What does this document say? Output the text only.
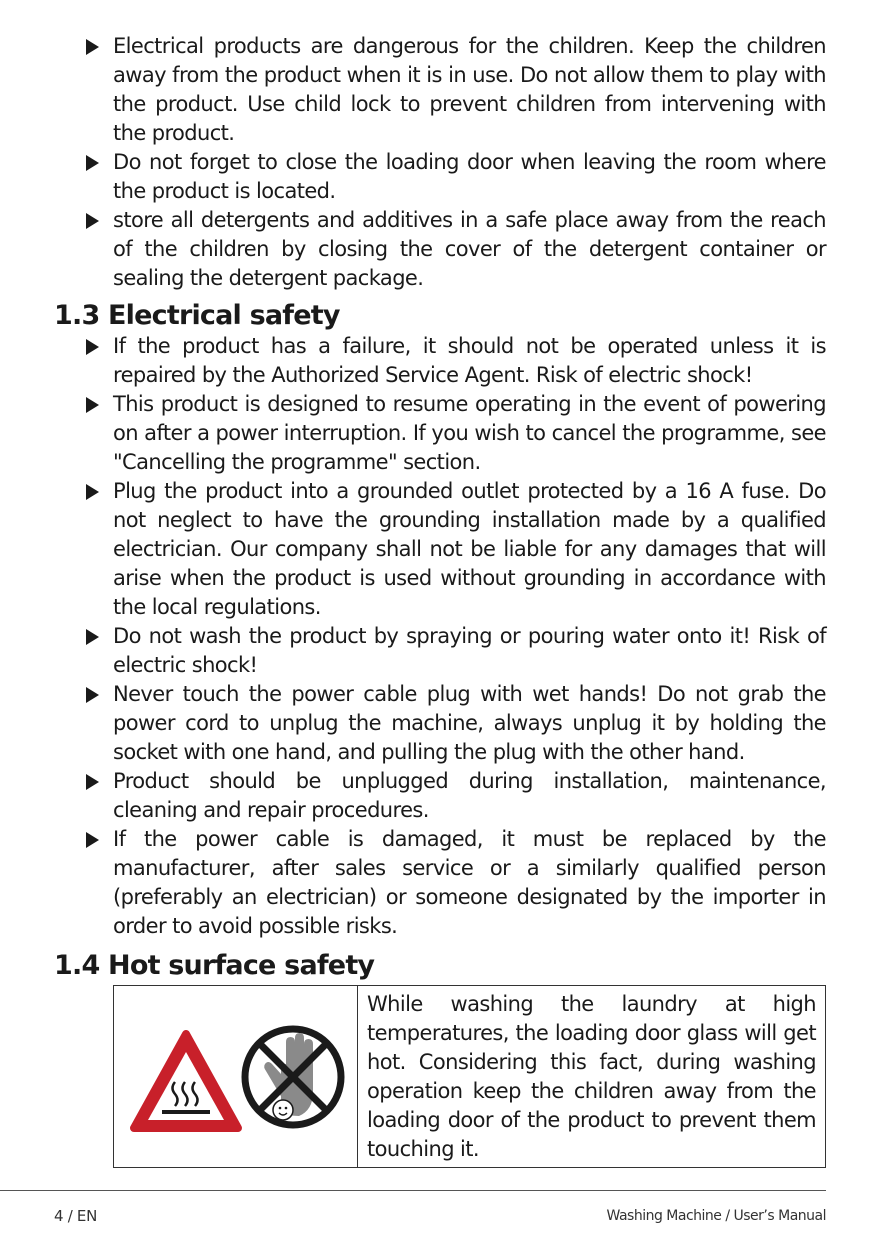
Electrical products are dangerous for the children. Keep the children away from the product when it is in use. Do not allow them to play with the product. Use child lock to prevent children from intervening with the product.
Do not forget to close the loading door when leaving the room where the product is located.
store all detergents and additives in a safe place away from the reach of the children by closing the cover of the detergent container or sealing the detergent package.
1.3 Electrical safety
If the product has a failure, it should not be operated unless it is repaired by the Authorized Service Agent. Risk of electric shock!
This product is designed to resume operating in the event of powering on after a power interruption. If you wish to cancel the programme, see "Cancelling the programme" section.
Plug the product into a grounded outlet protected by a 16 A fuse. Do not neglect to have the grounding installation made by a qualified electrician. Our company shall not be liable for any damages that will arise when the product is used without grounding in accordance with the local regulations.
Do not wash the product by spraying or pouring water onto it! Risk of electric shock!
Never touch the power cable plug with wet hands! Do not grab the power cord to unplug the machine, always unplug it by holding the socket with one hand, and pulling the plug with the other hand.
Product should be unplugged during installation, maintenance, cleaning and repair procedures.
If the power cable is damaged, it must be replaced by the manufacturer, after sales service or a similarly qualified person (preferably an electrician) or someone designated by the importer in order to avoid possible risks.
1.4 Hot surface safety
While washing the laundry at high temperatures, the loading door glass will get hot. Considering this fact, during washing operation keep the children away from the loading door of the product to prevent them touching it.
4 / EN	Washing Machine / User’s Manual
